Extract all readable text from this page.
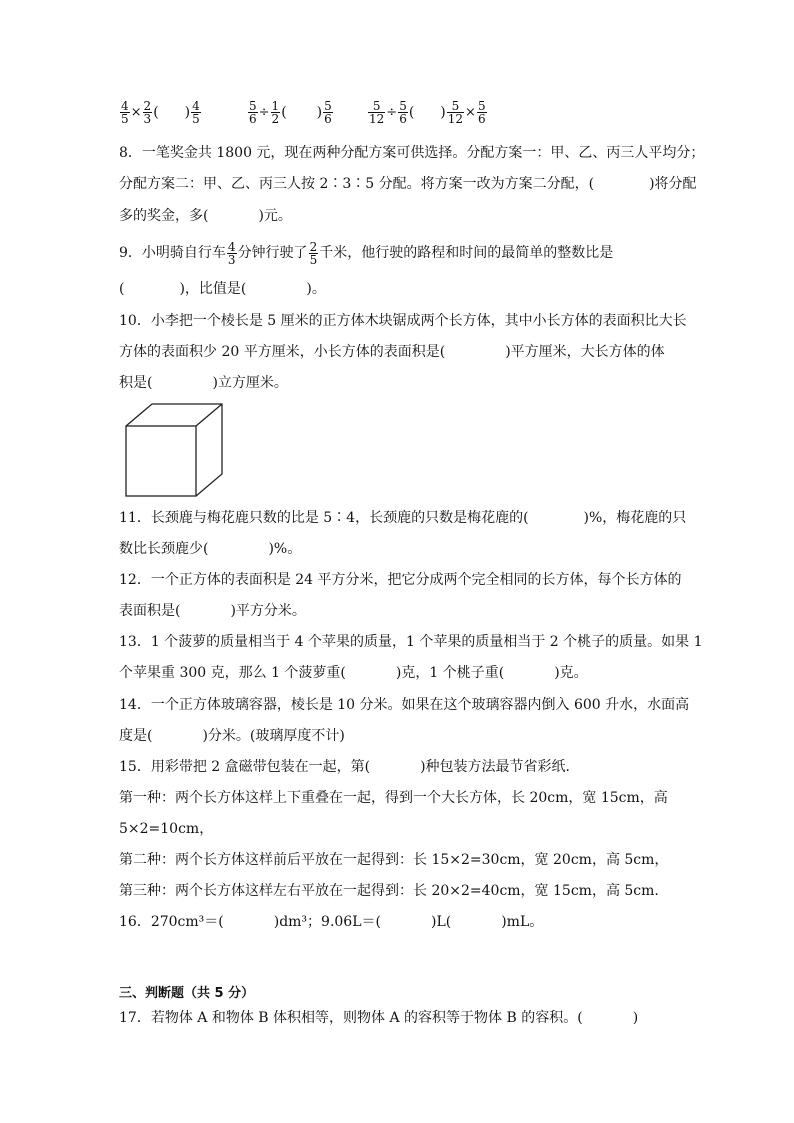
$\frac{4}{5} \times \frac{2}{3}$ ( ) $\frac{4}{5}$	$\frac{5}{6} \div \frac{1}{2}$ ( ) $\frac{5}{6}$	$\frac{5}{12} \div \frac{5}{6}$ ( ) $\frac{5}{12} \times \frac{5}{6}$
8．一笔奖金共 1800 元，现在两种分配方案可供选择。分配方案一：甲、乙、丙三人平均分；
分配方案二：甲、乙、丙三人按 2∶3∶5 分配。将方案一改为方案二分配，(	)将分配
多的奖金，多(	)元。
9．小明骑自行车 $\frac{4}{3}$ 分钟行驶了 $\frac{2}{5}$ 千米，他行驶的路程和时间的最简单的整数比是
(	)，比值是(	)。
10．小李把一个棱长是 5 厘米的正方体木块锯成两个长方体，其中小长方体的表面积比大长
方体的表面积少 20 平方厘米，小长方体的表面积是(	)平方厘米，大长方体的体
积是(	)立方厘米。
11．长颈鹿与梅花鹿只数的比是 5∶4，长颈鹿的只数是梅花鹿的(	)%，梅花鹿的只
数比长颈鹿少(	)%。
12．一个正方体的表面积是 24 平方分米，把它分成两个完全相同的长方体，每个长方体的
表面积是(	)平方分米。
13．1 个菠萝的质量相当于 4 个苹果的质量，1 个苹果的质量相当于 2 个桃子的质量。如果 1
个苹果重 300 克，那么 1 个菠萝重(	)克，1 个桃子重(	)克。
14．一个正方体玻璃容器，棱长是 10 分米。如果在这个玻璃容器内倒入 600 升水，水面高
度是(	)分米。(玻璃厚度不计)
15．用彩带把 2 盒磁带包装在一起，第(	)种包装方法最节省彩纸．
第一种：两个长方体这样上下重叠在一起，得到一个大长方体，长 20cm，宽 15cm，高
5×2=10cm，
第二种：两个长方体这样前后平放在一起得到：长 15×2=30cm，宽 20cm，高 5cm，
第三种：两个长方体这样左右平放在一起得到：长 20×2=40cm，宽 15cm，高 5cm.
16．270cm³＝(	)dm³；9.06L＝(	)L(	)mL。
三、判断题（共 5 分）
17．若物体 A 和物体 B 体积相等，则物体 A 的容积等于物体 B 的容积。(	)
